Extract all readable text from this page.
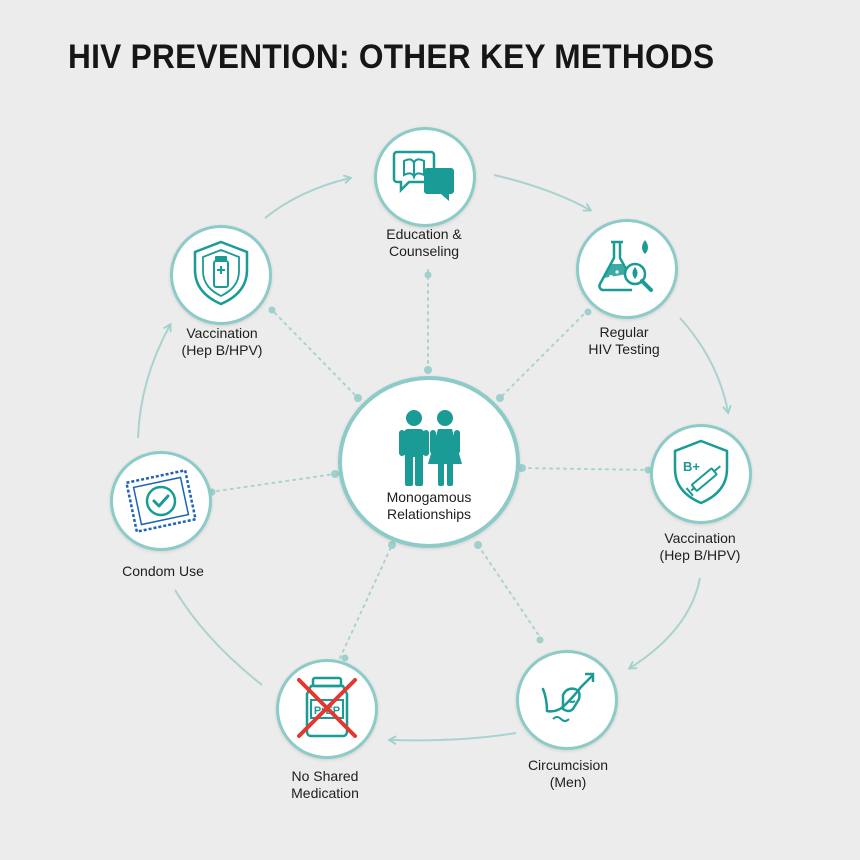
HIV PREVENTION: OTHER KEY METHODS
Monogamous
Relationships
Education &
Counseling
Regular
HIV Testing
B+
Vaccination
(Hep B/HPV)
Circumcision
(Men)
PrEP
No Shared
Medication
Condom Use
Vaccination
(Hep B/HPV)
